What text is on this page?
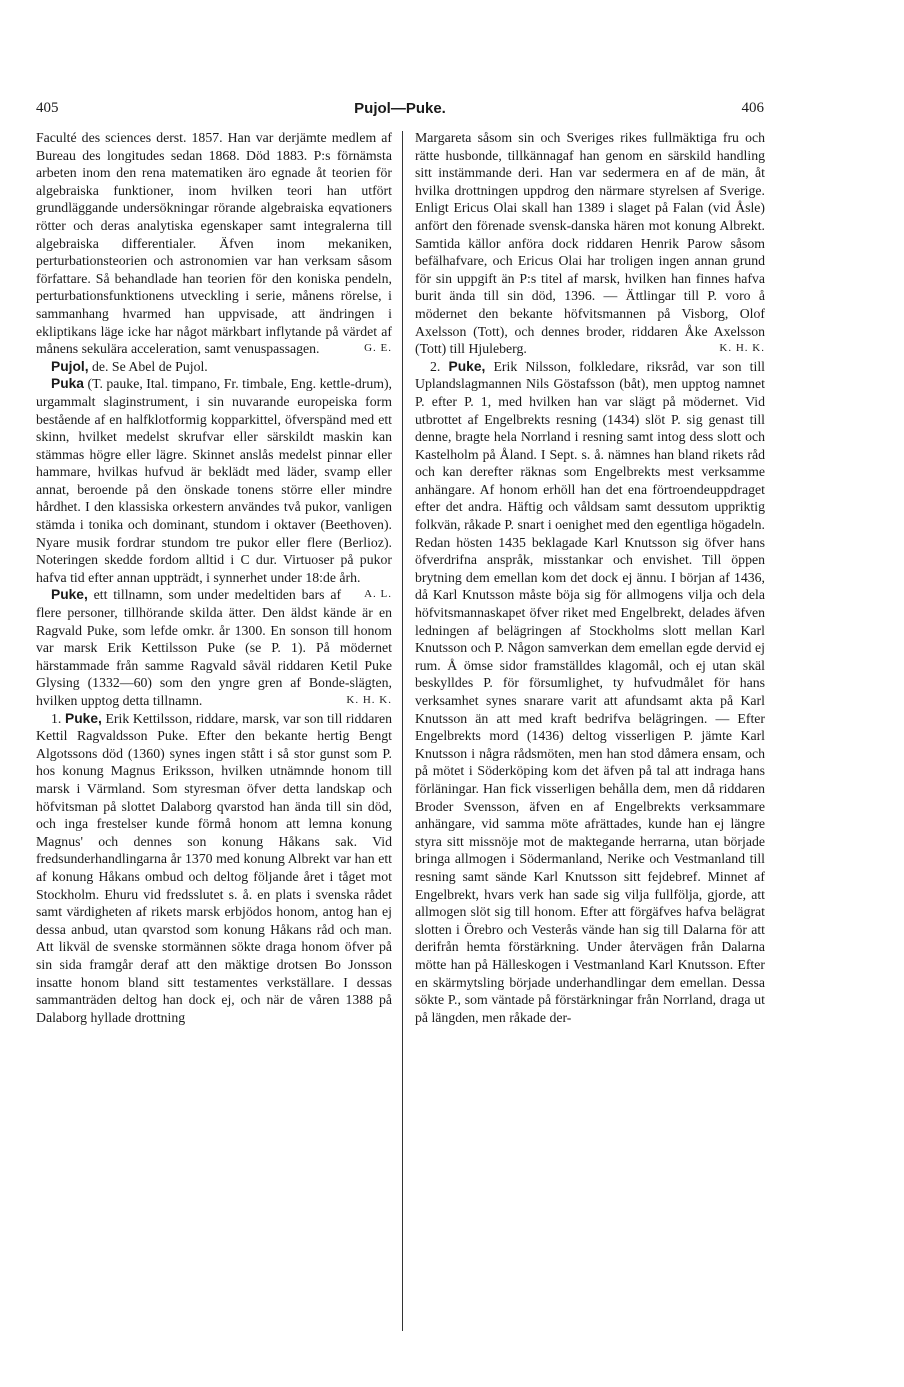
405	Pujol—Puke.	406

Faculté des sciences derst. 1857. Han var derjämte medlem af Bureau des longitudes sedan 1868. Död 1883. P:s förnämsta arbeten inom den rena matematiken äro egnade åt teorien för algebraiska funktioner, inom hvilken teori han utfört grundläggande undersökningar rörande algebraiska eqvationers rötter och deras analytiska egenskaper samt integralerna till algebraiska differentialer. Äfven inom mekaniken, perturbationsteorien och astronomien var han verksam såsom författare. Så behandlade han teorien för den koniska pendeln, perturbationsfunktionens utveckling i serie, månens rörelse, i sammanhang hvarmed han uppvisade, att ändringen i ekliptikans läge icke har något märkbart inflytande på värdet af månens sekulära acceleration, samt venuspassagen.	G. E.

Pujol, de. Se Abel de Pujol.

Puka (T. pauke, Ital. timpano, Fr. timbale, Eng. kettle-drum), urgammalt slaginstrument, i sin nuvarande europeiska form bestående af en halfklotformig kopparkittel, öfverspänd med ett skinn, hvilket medelst skrufvar eller särskildt maskin kan stämmas högre eller lägre. Skinnet anslås medelst pinnar eller hammare, hvilkas hufvud är beklädt med läder, svamp eller annat, beroende på den önskade tonens större eller mindre hårdhet. I den klassiska orkestern användes två pukor, vanligen stämda i tonika och dominant, stundom i oktaver (Beethoven). Nyare musik fordrar stundom tre pukor eller flere (Berlioz). Noteringen skedde fordom alltid i C dur. Virtuoser på pukor hafva tid efter annan uppträdt, i synnerhet under 18:de årh.
A. L.

Puke, ett tillnamn, som under medeltiden bars af flere personer, tillhörande skilda ätter. Den äldst kände är en Ragvald Puke, som lefde omkr. år 1300. En sonson till honom var marsk Erik Kettilsson Puke (se P. 1). På mödernet härstammade från samme Ragvald såväl riddaren Ketil Puke Glysing (1332—60) som den yngre gren af Bonde-slägten, hvilken upptog detta tillnamn.	K. H. K.

1. Puke, Erik Kettilsson, riddare, marsk, var son till riddaren Kettil Ragvaldsson Puke. Efter den bekante hertig Bengt Algotssons död (1360) synes ingen stått i så stor gunst som P. hos konung Magnus Eriksson, hvilken utnämnde honom till marsk i Värmland. Som styresman öfver detta landskap och höfvitsman på slottet Dalaborg qvarstod han ända till sin död, och inga frestelser kunde förmå honom att lemna konung Magnus' och dennes son konung Håkans sak. Vid fredsunderhandlingarna år 1370 med konung Albrekt var han ett af konung Håkans ombud och deltog följande året i tåget mot Stockholm. Ehuru vid fredsslutet s. å. en plats i svenska rådet samt värdigheten af rikets marsk erbjödos honom, antog han ej dessa anbud, utan qvarstod som konung Håkans råd och man. Att likväl de svenske stormännen sökte draga honom öfver på sin sida framgår deraf att den mäktige drotsen Bo Jonsson insatte honom bland sitt testamentes verkställare. I dessas sammanträden deltog han dock ej, och när de våren 1388 på Dalaborg hyllade drottning

Margareta såsom sin och Sveriges rikes fullmäktiga fru och rätte husbonde, tillkännagaf han genom en särskild handling sitt instämmande deri. Han var sedermera en af de män, åt hvilka drottningen uppdrog den närmare styrelsen af Sverige. Enligt Ericus Olai skall han 1389 i slaget på Falan (vid Åsle) anfört den förenade svensk-danska hären mot konung Albrekt. Samtida källor anföra dock riddaren Henrik Parow såsom befälhafvare, och Ericus Olai har troligen ingen annan grund för sin uppgift än P:s titel af marsk, hvilken han finnes hafva burit ända till sin död, 1396. — Ättlingar till P. voro å mödernet den bekante höfvitsmannen på Visborg, Olof Axelsson (Tott), och dennes broder, riddaren Åke Axelsson (Tott) till Hjuleberg.	K. H. K.

2. Puke, Erik Nilsson, folkledare, riksråd, var son till Uplandslagmannen Nils Göstafsson (båt), men upptog namnet P. efter P. 1, med hvilken han var slägt på mödernet. Vid utbrottet af Engelbrekts resning (1434) slöt P. sig genast till denne, bragte hela Norrland i resning samt intog dess slott och Kastelholm på Åland. I Sept. s. å. nämnes han bland rikets råd och kan derefter räknas som Engelbrekts mest verksamme anhängare. Af honom erhöll han det ena förtroendeuppdraget efter det andra. Häftig och våldsam samt dessutom uppriktig folkvän, råkade P. snart i oenighet med den egentliga högadeln. Redan hösten 1435 beklagade Karl Knutsson sig öfver hans öfverdrifna anspråk, misstankar och envishet. Till öppen brytning dem emellan kom det dock ej ännu. I början af 1436, då Karl Knutsson måste böja sig för allmogens vilja och dela höfvitsmannaskapet öfver riket med Engelbrekt, delades äfven ledningen af belägringen af Stockholms slott mellan Karl Knutsson och P. Någon samverkan dem emellan egde dervid ej rum. Å ömse sidor framställdes klagomål, och ej utan skäl beskylldes P. för försumlighet, ty hufvudmålet för hans verksamhet synes snarare varit att afundsamt akta på Karl Knutsson än att med kraft bedrifva belägringen. — Efter Engelbrekts mord (1436) deltog visserligen P. jämte Karl Knutsson i några rådsmöten, men han stod dåmera ensam, och på mötet i Söderköping kom det äfven på tal att indraga hans förläningar. Han fick visserligen behålla dem, men då riddaren Broder Svensson, äfven en af Engelbrekts verksammare anhängare, vid samma möte afrättades, kunde han ej längre styra sitt missnöje mot de maktegande herrarna, utan började bringa allmogen i Södermanland, Nerike och Vestmanland till resning samt sände Karl Knutsson sitt fejdebref. Minnet af Engelbrekt, hvars verk han sade sig vilja fullfölja, gjorde, att allmogen slöt sig till honom. Efter att förgäfves hafva belägrat slotten i Örebro och Vesterås vände han sig till Dalarna för att derifrån hemta förstärkning. Under återvägen från Dalarna mötte han på Hälleskogen i Vestmanland Karl Knutsson. Efter en skärmytsling började underhandlingar dem emellan. Dessa sökte P., som väntade på förstärkningar från Norrland, draga ut på längden, men råkade der-
